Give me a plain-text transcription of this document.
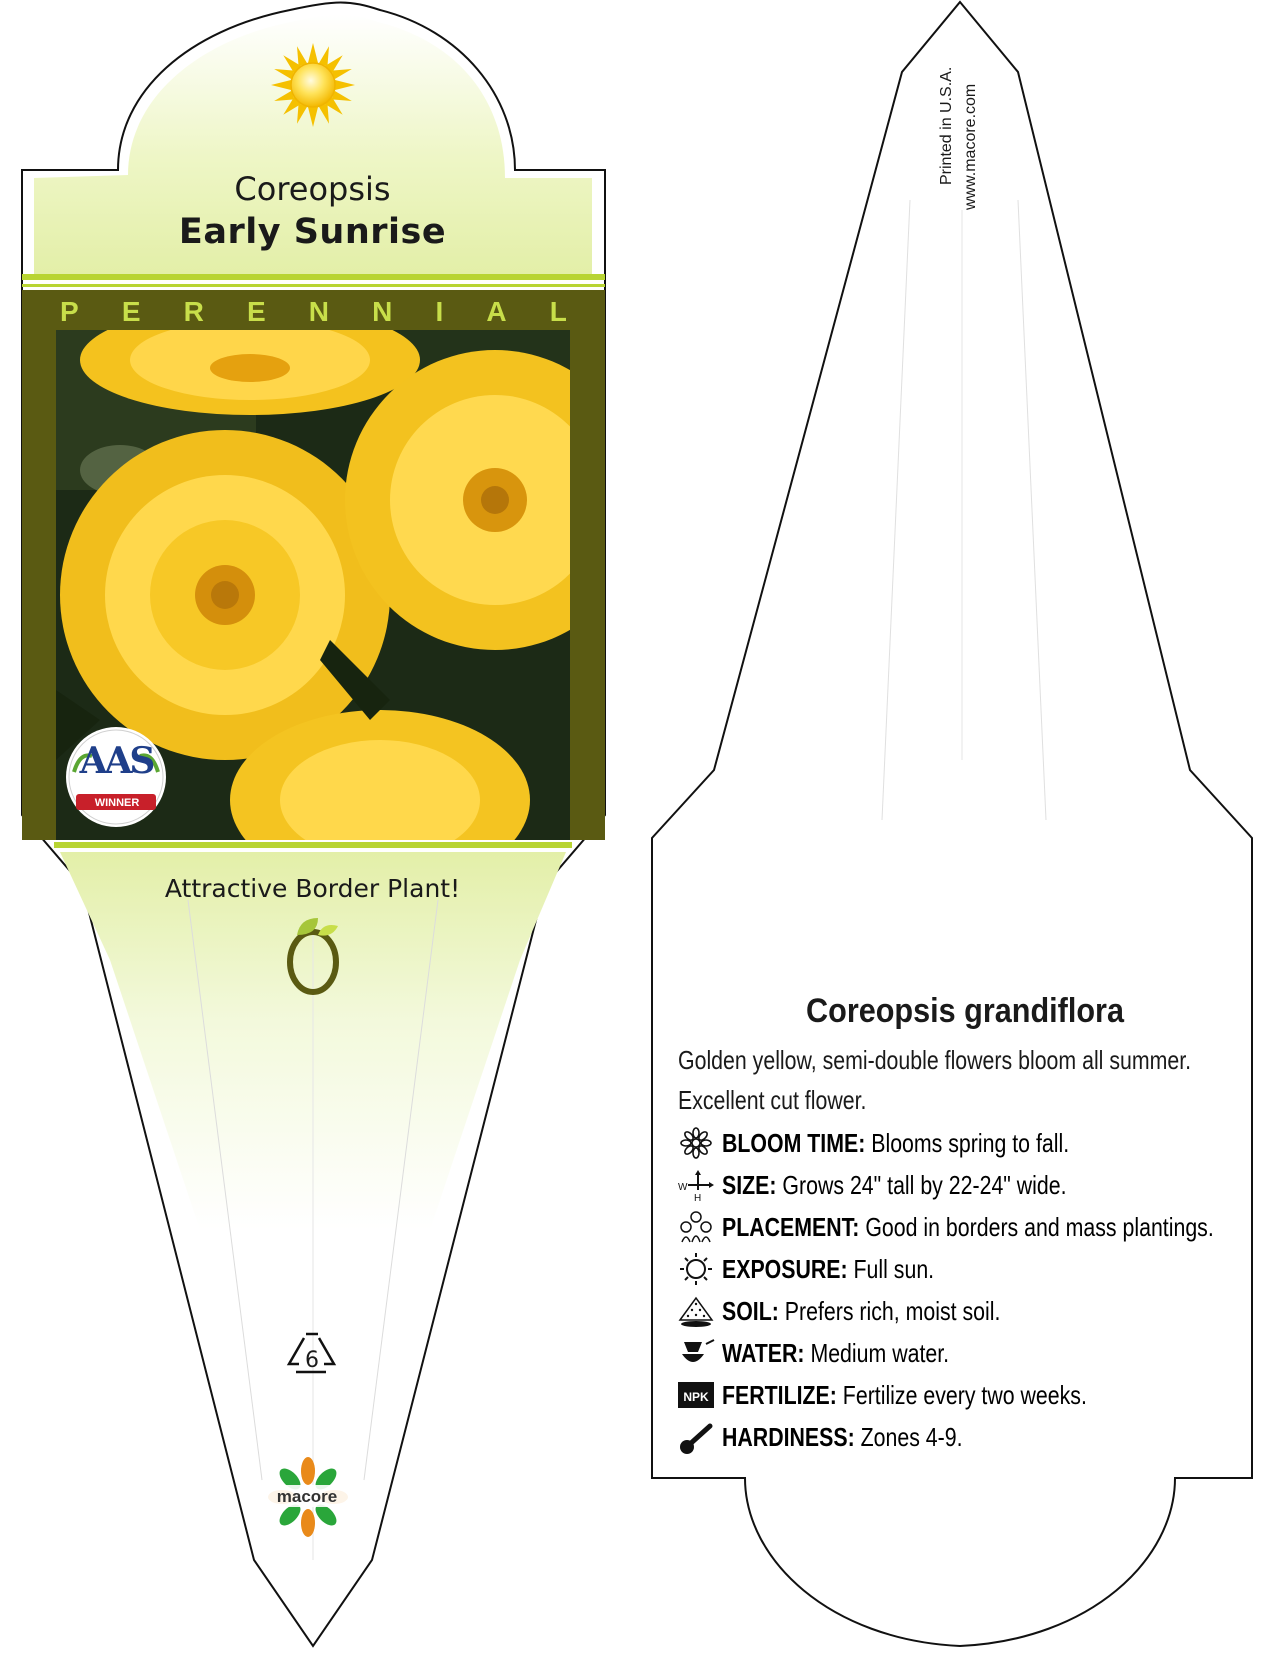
Coreopsis
Early Sunrise
P E R E N N I A L
AAS
WINNER
Attractive Border Plant!
6
macore
Printed in U.S.A. www.macore.com
Coreopsis grandiflora
Golden yellow, semi-double flowers bloom all summer.
Excellent cut flower.
BLOOM TIME: Blooms spring to fall.
W
H SIZE: Grows 24" tall by 22-24" wide.
PLACEMENT: Good in borders and mass plantings.
EXPOSURE: Full sun.
SOIL: Prefers rich, moist soil.
WATER: Medium water.
NPK FERTILIZE: Fertilize every two weeks.
HARDINESS: Zones 4-9.
